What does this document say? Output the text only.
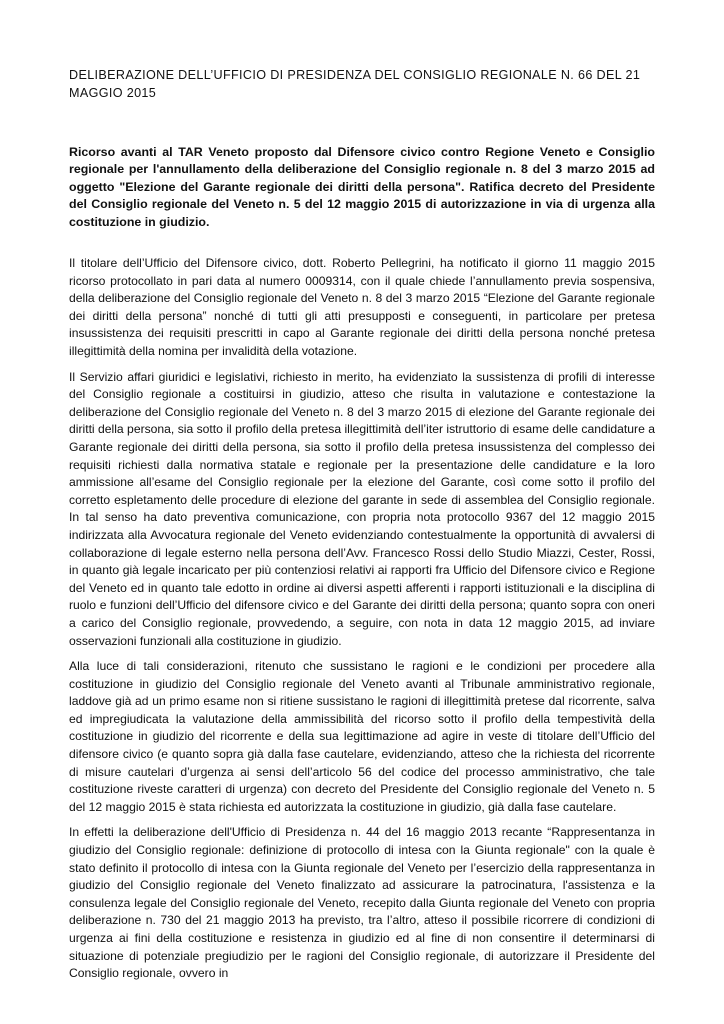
DELIBERAZIONE DELL’UFFICIO DI PRESIDENZA DEL CONSIGLIO REGIONALE N. 66 DEL 21 MAGGIO 2015

Ricorso avanti al TAR Veneto proposto dal Difensore civico contro Regione Veneto e Consiglio regionale per l'annullamento della deliberazione del Consiglio regionale n. 8 del 3 marzo 2015 ad oggetto "Elezione del Garante regionale dei diritti della persona". Ratifica decreto del Presidente del Consiglio regionale del Veneto n. 5 del 12 maggio 2015 di autorizzazione in via di urgenza alla costituzione in giudizio.

Il titolare dell’Ufficio del Difensore civico, dott. Roberto Pellegrini, ha notificato il giorno 11 maggio 2015 ricorso protocollato in pari data al numero 0009314, con il quale chiede l’annullamento previa sospensiva, della deliberazione del Consiglio regionale del Veneto n. 8 del 3 marzo 2015 “Elezione del Garante regionale dei diritti della persona” nonché di tutti gli atti presupposti e conseguenti, in particolare per pretesa insussistenza dei requisiti prescritti in capo al Garante regionale dei diritti della persona nonché pretesa illegittimità della nomina per invalidità della votazione.

Il Servizio affari giuridici e legislativi, richiesto in merito, ha evidenziato la sussistenza di profili di interesse del Consiglio regionale a costituirsi in giudizio, atteso che risulta in valutazione e contestazione la deliberazione del Consiglio regionale del Veneto n. 8 del 3 marzo 2015 di elezione del Garante regionale dei diritti della persona, sia sotto il profilo della pretesa illegittimità dell’iter istruttorio di esame delle candidature a Garante regionale dei diritti della persona, sia sotto il profilo della pretesa insussistenza del complesso dei requisiti richiesti dalla normativa statale e regionale per la presentazione delle candidature e la loro ammissione all’esame del Consiglio regionale per la elezione del Garante, così come sotto il profilo del corretto espletamento delle procedure di elezione del garante in sede di assemblea del Consiglio regionale. In tal senso ha dato preventiva comunicazione, con propria nota protocollo 9367 del 12 maggio 2015 indirizzata alla Avvocatura regionale del Veneto evidenziando contestualmente la opportunità di avvalersi di collaborazione di legale esterno nella persona dell’Avv. Francesco Rossi dello Studio Miazzi, Cester, Rossi, in quanto già legale incaricato per più contenziosi relativi ai rapporti fra Ufficio del Difensore civico e Regione del Veneto ed in quanto tale edotto in ordine ai diversi aspetti afferenti i rapporti istituzionali e la disciplina di ruolo e funzioni dell’Ufficio del difensore civico e del Garante dei diritti della persona; quanto sopra con oneri a carico del Consiglio regionale, provvedendo, a seguire, con nota in data 12 maggio 2015, ad inviare osservazioni funzionali alla costituzione in giudizio.

Alla luce di tali considerazioni, ritenuto che sussistano le ragioni e le condizioni per procedere alla costituzione in giudizio del Consiglio regionale del Veneto avanti al Tribunale amministrativo regionale, laddove già ad un primo esame non si ritiene sussistano le ragioni di illegittimità pretese dal ricorrente, salva ed impregiudicata la valutazione della ammissibilità del ricorso sotto il profilo della tempestività della costituzione in giudizio del ricorrente e della sua legittimazione ad agire in veste di titolare dell’Ufficio del difensore civico (e quanto sopra già dalla fase cautelare, evidenziando, atteso che la richiesta del ricorrente di misure cautelari d’urgenza ai sensi dell’articolo 56 del codice del processo amministrativo, che tale costituzione riveste caratteri di urgenza) con decreto del Presidente del Consiglio regionale del Veneto n. 5 del 12 maggio 2015 è stata richiesta ed autorizzata la costituzione in giudizio, già dalla fase cautelare.

In effetti la deliberazione dell'Ufficio di Presidenza n. 44 del 16 maggio 2013 recante “Rappresentanza in giudizio del Consiglio regionale: definizione di protocollo di intesa con la Giunta regionale" con la quale è stato definito il protocollo di intesa con la Giunta regionale del Veneto per l’esercizio della rappresentanza in giudizio del Consiglio regionale del Veneto finalizzato ad assicurare la patrocinatura, l'assistenza e la consulenza legale del Consiglio regionale del Veneto, recepito dalla Giunta regionale del Veneto con propria deliberazione n. 730 del 21 maggio 2013 ha previsto, tra l’altro, atteso il possibile ricorrere di condizioni di urgenza ai fini della costituzione e resistenza in giudizio ed al fine di non consentire il determinarsi di situazione di potenziale pregiudizio per le ragioni del Consiglio regionale, di autorizzare il Presidente del Consiglio regionale, ovvero in
